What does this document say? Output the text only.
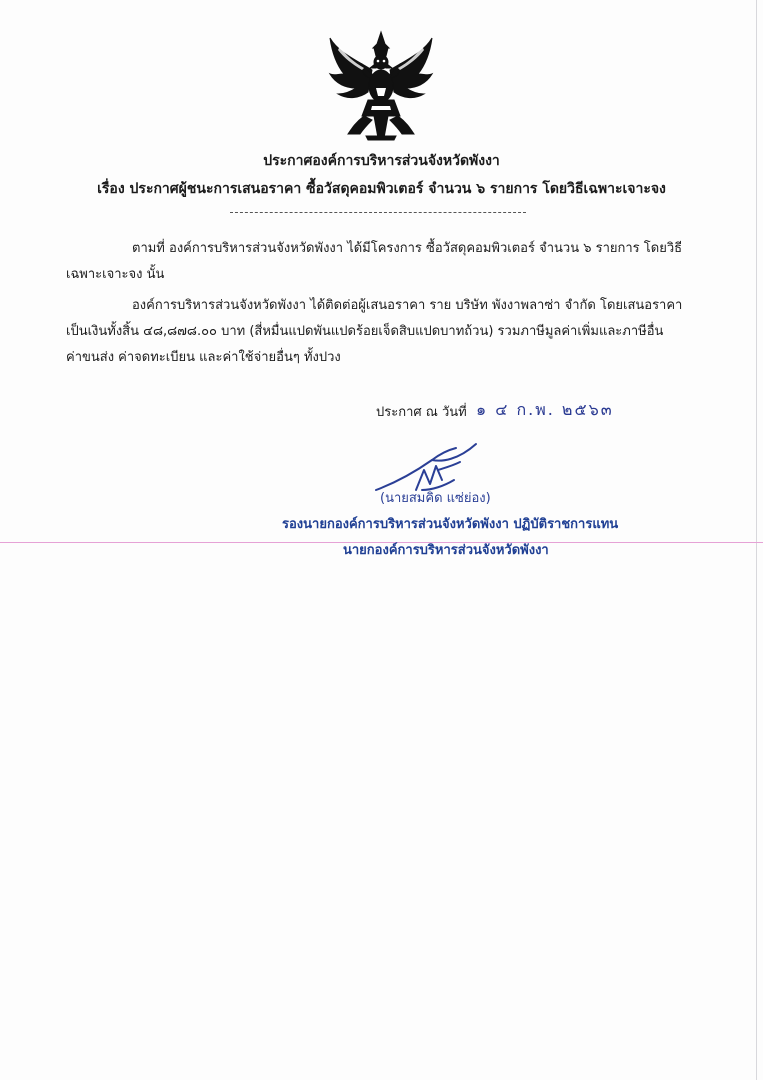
ประกาศองค์การบริหารส่วนจังหวัดพังงา
เรื่อง ประกาศผู้ชนะการเสนอราคา ซื้อวัสดุคอมพิวเตอร์ จำนวน ๖ รายการ โดยวิธีเฉพาะเจาะจง
ตามที่ องค์การบริหารส่วนจังหวัดพังงา ได้มีโครงการ ซื้อวัสดุคอมพิวเตอร์ จำนวน ๖ รายการ โดยวิธี
เฉพาะเจาะจง นั้น
องค์การบริหารส่วนจังหวัดพังงา ได้ติดต่อผู้เสนอราคา ราย บริษัท พังงาพลาซ่า จำกัด โดยเสนอราคา
เป็นเงินทั้งสิ้น ๔๘,๘๗๘.๐๐ บาท (สี่หมื่นแปดพันแปดร้อยเจ็ดสิบแปดบาทถ้วน) รวมภาษีมูลค่าเพิ่มและภาษีอื่น
ค่าขนส่ง ค่าจดทะเบียน และค่าใช้จ่ายอื่นๆ ทั้งปวง
ประกาศ ณ วันที่ ๑ ๔ ก.พ. ๒๕๖๓
(นายสมคิด แซ่ย่อง)
รองนายกองค์การบริหารส่วนจังหวัดพังงา ปฏิบัติราชการแทน
นายกองค์การบริหารส่วนจังหวัดพังงา
